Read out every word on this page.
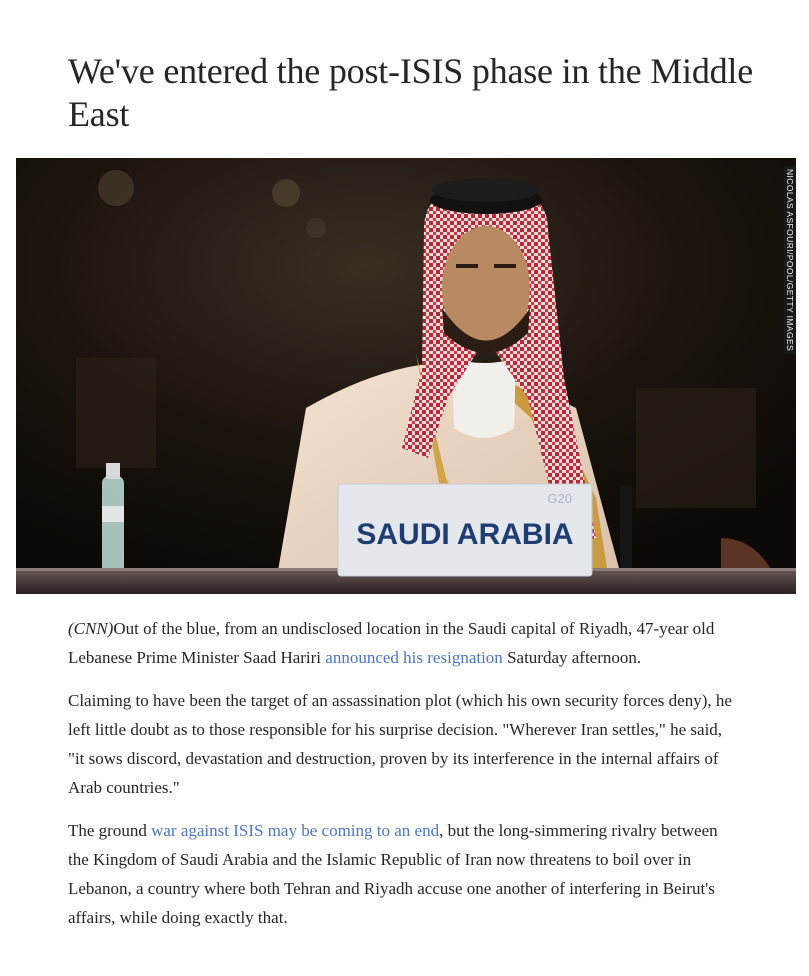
We've entered the post-ISIS phase in the Middle East
G20
SAUDI ARABIA
NICOLAS ASFOURI/POOL/GETTY IMAGES

(CNN)Out of the blue, from an undisclosed location in the Saudi capital of Riyadh, 47-year old Lebanese Prime Minister Saad Hariri announced his resignation Saturday afternoon.

Claiming to have been the target of an assassination plot (which his own security forces deny), he left little doubt as to those responsible for his surprise decision. "Wherever Iran settles," he said, "it sows discord, devastation and destruction, proven by its interference in the internal affairs of Arab countries."

The ground war against ISIS may be coming to an end, but the long-simmering rivalry between the Kingdom of Saudi Arabia and the Islamic Republic of Iran now threatens to boil over in Lebanon, a country where both Tehran and Riyadh accuse one another of interfering in Beirut's affairs, while doing exactly that.
